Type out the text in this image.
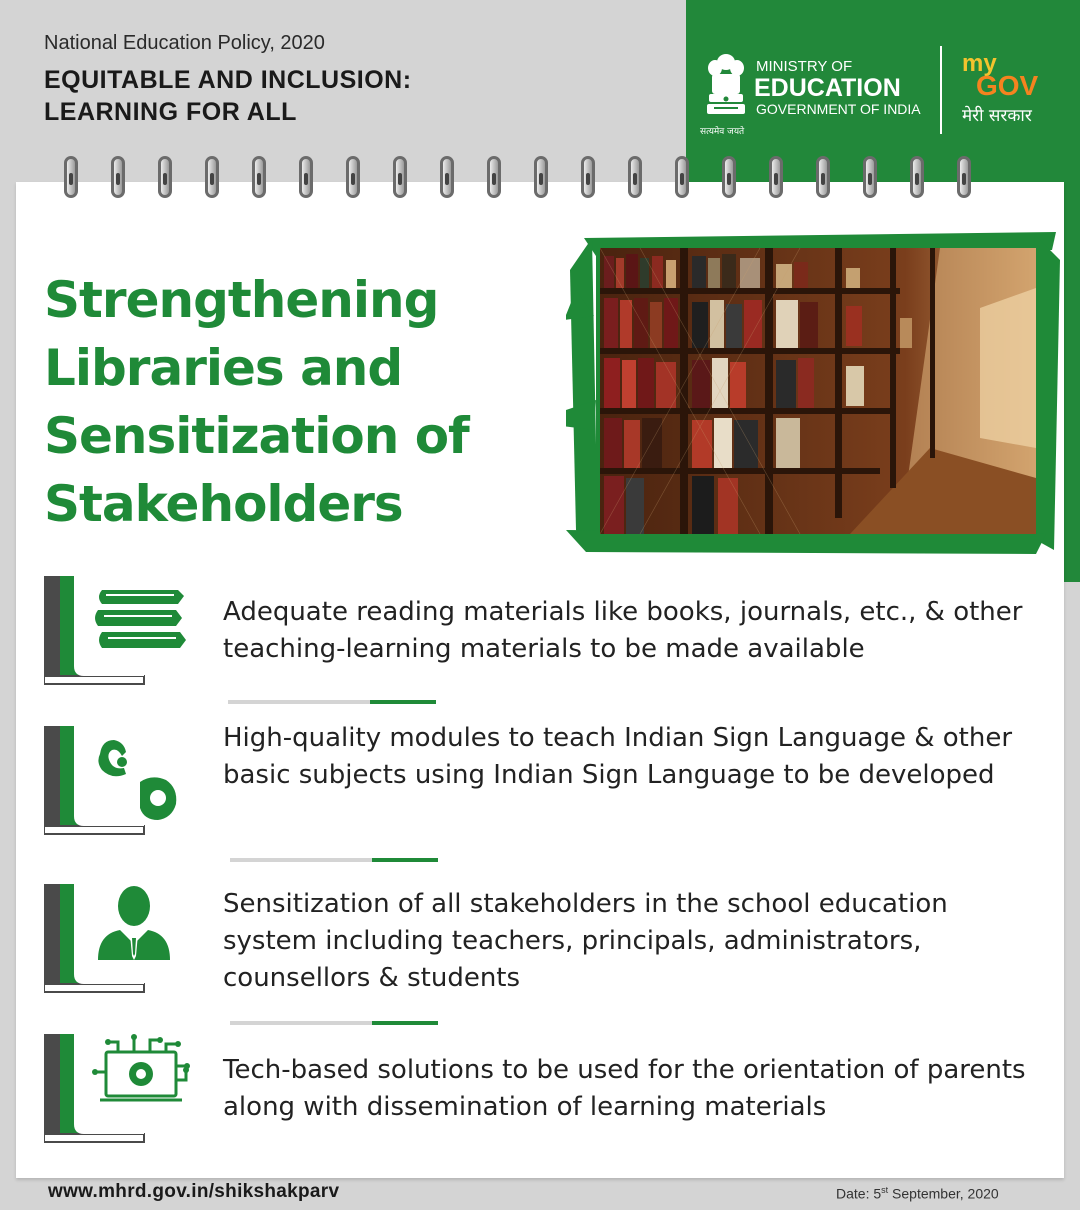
National Education Policy, 2020
EQUITABLE AND INCLUSION:
LEARNING FOR ALL
सत्यमेव जयते
MINISTRY OF
EDUCATION
GOVERNMENT OF INDIA
my
GOV
मेरी सरकार
Strengthening
Libraries and
Sensitization of
Stakeholders
Adequate reading materials like books, journals, etc., & other teaching-learning materials to be made available
High-quality modules to teach Indian Sign Language & other basic subjects using Indian Sign Language to be developed
Sensitization of all stakeholders in the school education system including teachers, principals, administrators, counsellors & students
Tech-based solutions to be used for the orientation of parents along with dissemination of learning materials
www.mhrd.gov.in/shikshakparv	Date: 5st September, 2020
